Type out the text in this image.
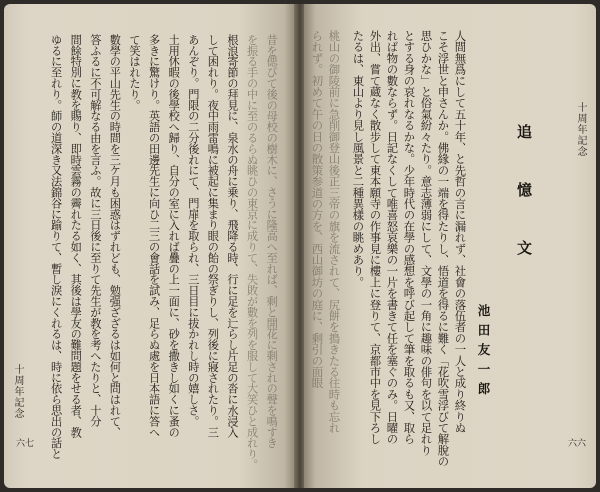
十周年記念
六七	昔を偲びて後の母校の樹木に、さうに隆高へ至れば、剩と開花に剩されの聲を鳴すき
を振る手の中に至のるらぬ眺ひの東京に成りて、失敗が數を列を服して大笑ひと成れり。
根浪寄節の拜見に、泉水の舟に乗り、飛降る時、行に足を辷らし片足の沓に水浸入
して困れり。夜中雨雷鳴に被起に集まり眼の飴の祭ぎりし、列後に寢されたり。三
あんぞり。門限の二分後れにて、門扉を取られ、三日目に拔かれし時の嬉しさ。
土用休暇の後學校へ歸り、自分の室に入れば疊の上一面に、砂を撒きし如くに蚤の
多きに驚けり。英語の田邊先生に向ひ二三の會話を試み、足らぬ處を日本語に答へ
て笑はれたり。
數學の平山先生の時間を三ケ月も困惑はずれども、勉强ざざるは如何と問はれて、
答ふるに不可解なる由を言ふ。故に三日後に至りて先生が教を考へたりと、十分
間餘特別に教を賜り、即時雲霧の霽れたる如く、其後は學友の難問題をせる者、教
ゆるに至れり。師の道深き又法錦谷に踰りて、暫し淚にくれるは、時に依ら思出の話と	十周年記念
六六
追　憶　文
池田友一郎
人間無爲にして五十年、と先哲の言に漏れず、社會の落伍者の一人と成り終りぬ
こそ浮世と申さんか。佛緣の一端を得たりし、悟道を得るに難く「花吹雪浮びて解脫の
思ひかな」と俗氣紛々たり。意志薄弱にして、文學の一角に趣味の俳句を以て足れり
とする身の哀れなるかな。少年時代の在學の感想を呼び起して筆を取るも又、取ら
れば物の數ならず。日記なくして唯喜怒哀樂の一片を書きて任を塞ぐのみ。日曜の
外出、嘗て蔵なく散步して東本願寺の作事見に樓上に登りて、京都市中を見下ろし
たるは、東山より見し風景と二種異樣の眺めあり。
桃山の御陵前に急削御登山後正三帝の旗を流されて、尻餅を搗きたる往時も忘れ
られず。初めて午の日の散策参道の方を、西山御坊の庭に、剩引の面眼
